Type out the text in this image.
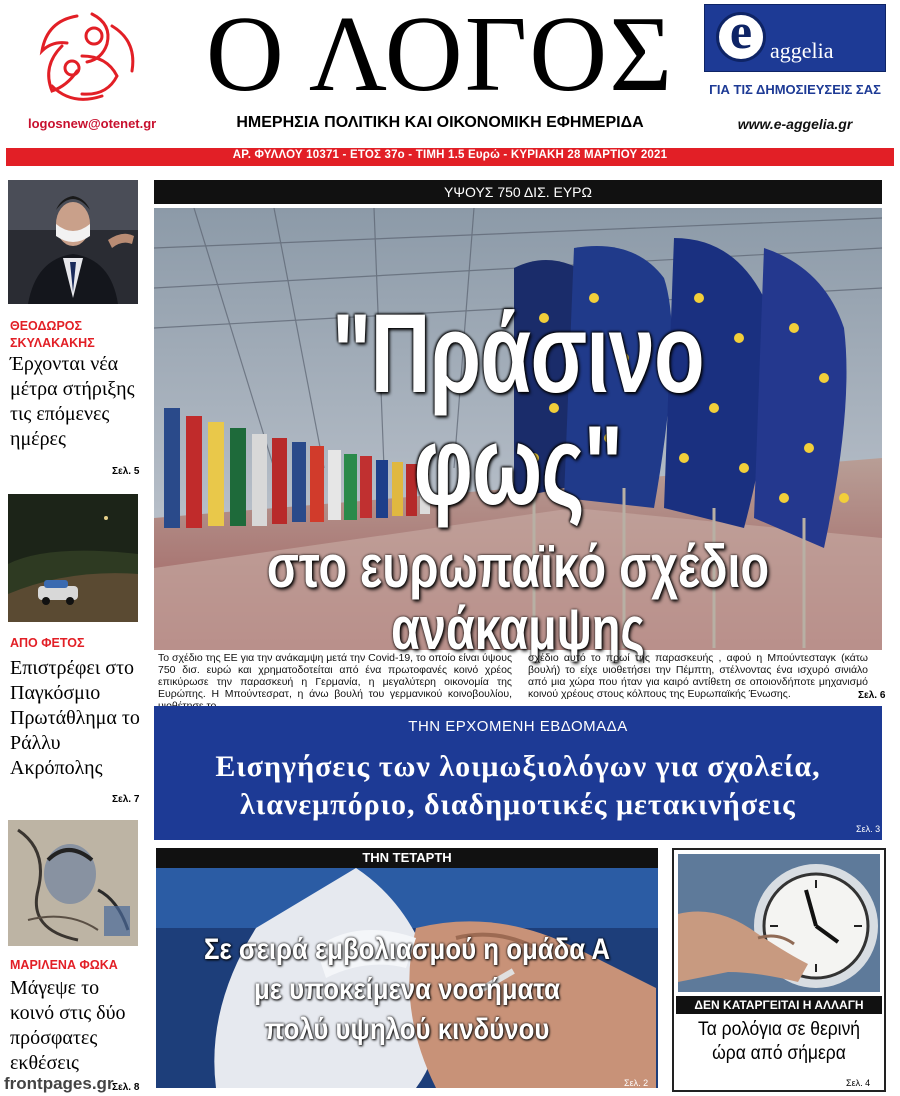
logosnew@otenet.gr
Ο ΛΟΓΟΣ
ΗΜΕΡΗΣΙΑ ΠΟΛΙΤΙΚΗ ΚΑΙ ΟΙΚΟΝΟΜΙΚΗ ΕΦΗΜΕΡΙΔΑ
e aggelia
ΓΙΑ ΤΙΣ ΔΗΜΟΣΙΕΥΣΕΙΣ ΣΑΣ
www.e-aggelia.gr
ΑΡ. ΦΥΛΛΟΥ 10371 - ΕΤΟΣ 37ο - ΤΙΜΗ 1.5 Ευρώ - ΚΥΡΙΑΚΗ 28 ΜΑΡΤΙΟΥ 2021
ΘΕΟΔΩΡΟΣ ΣΚΥΛΑΚΑΚΗΣ
Έρχονται νέα μέτρα στήριξης τις επόμενες ημέρες
Σελ. 5
ΑΠΟ ΦΕΤΟΣ
Επιστρέφει στο Παγκόσμιο Πρωτάθλημα το Ράλλυ Ακρόπολης
Σελ. 7
ΜΑΡΙΛΕΝΑ ΦΩΚΑ
Μάγεψε το κοινό στις δύο πρόσφατες εκθέσεις
Σελ. 8
ΥΨΟΥΣ 750 ΔΙΣ. ΕΥΡΩ
"Πράσινο φως"
στο ευρωπαϊκό σχέδιο ανάκαμψης
Το σχέδιο της ΕΕ για την ανάκαμψη μετά την Covid-19, το οποίο είναι ύψους 750 δισ. ευρώ και χρηματοδοτείται από ένα πρωτοφανές κοινό χρέος επικύρωσε την παρασκευή η Γερμανία, η μεγαλύτερη οικονομία της Ευρώπης. Η Μπούντεσρατ, η άνω βουλή του γερμανικού κοινοβουλίου,
σχέδιο αυτό το πρωί της παρασκευής , αφού η Μπούντεσταγκ (κάτω βουλή) το είχε υιοθετήσει την Πέμπτη, στέλνοντας ένα ισχυρό σινιάλο από μια χώρα που ήταν για καιρό αντίθετη σε οποιονδήποτε μηχανισμό κοινού χρέους στους κόλπους της Ευρωπαϊκής Ένωσης.	Σελ. 6
ΤΗΝ ΕΡΧΟΜΕΝΗ ΕΒΔΟΜΑΔΑ
Εισηγήσεις των λοιμωξιολόγων για σχολεία,
λιανεμπόριο, διαδημοτικές μετακινήσεις
Σελ. 3
ΤΗΝ ΤΕΤΑΡΤΗ
Σε σειρά εμβολιασμού η ομάδα Α
με υποκείμενα νοσήματα
πολύ υψηλού κινδύνου
Σελ. 2
ΔΕΝ ΚΑΤΑΡΓΕΙΤΑΙ Η ΑΛΛΑΓΗ
Τα ρολόγια σε θερινή ώρα από σήμερα
Σελ. 4
frontpages.gr
